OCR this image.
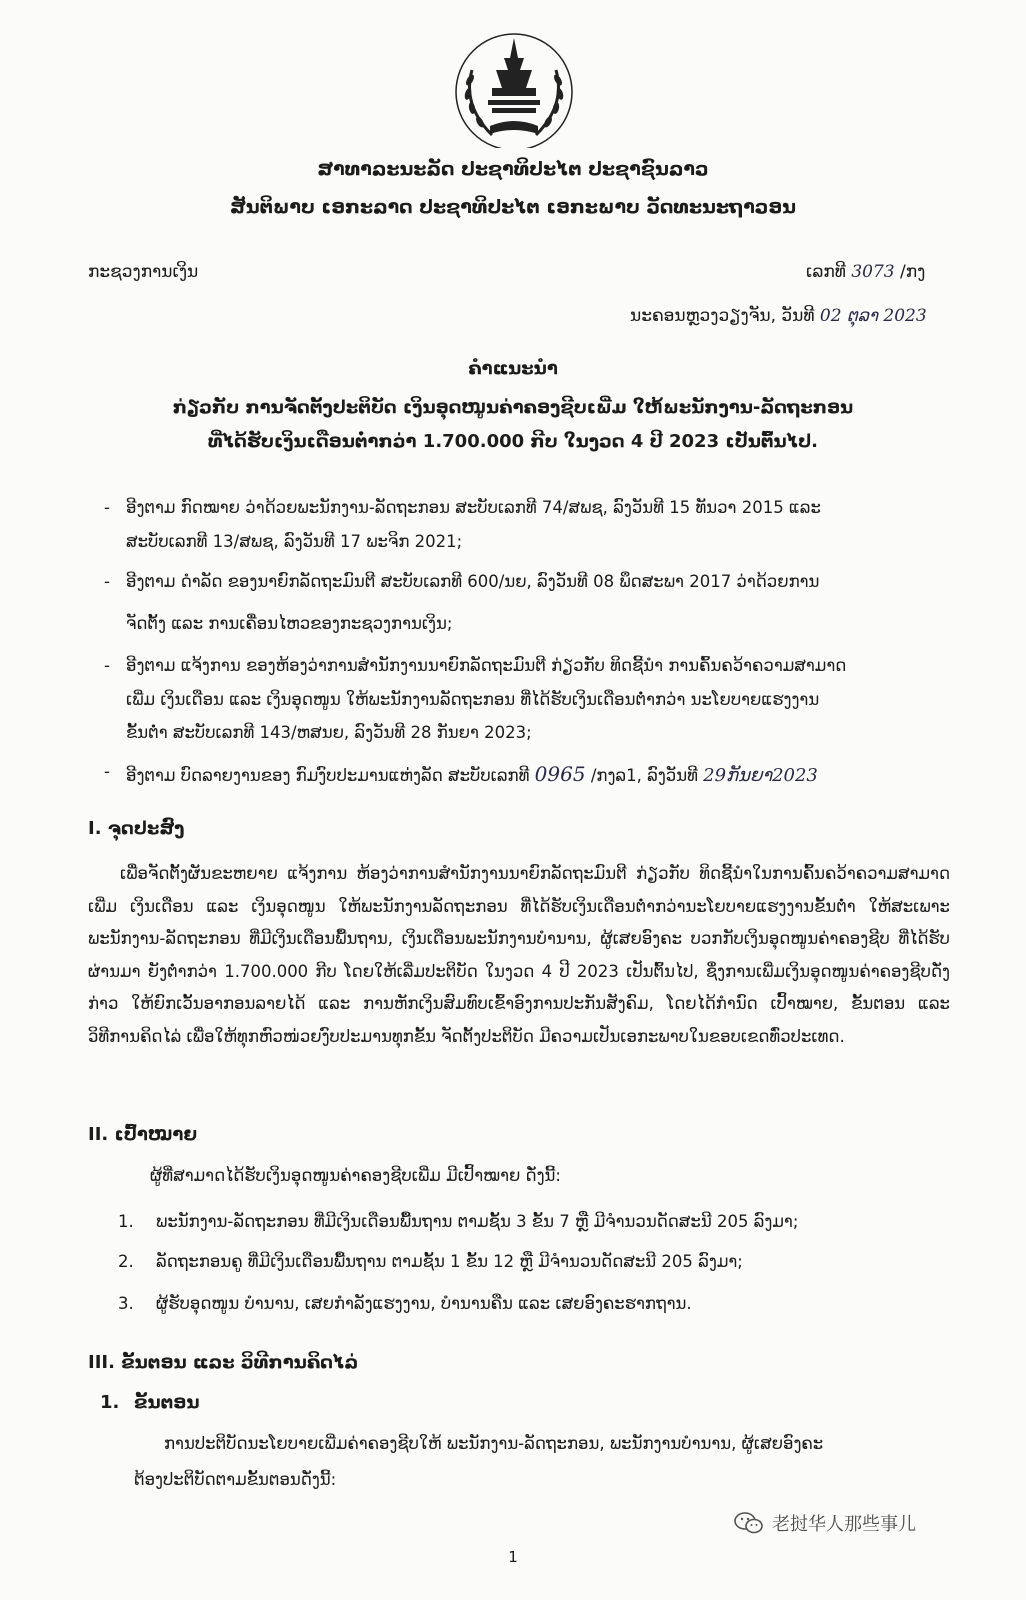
ສາທາລະນະລັດ ປະຊາທິປະໄຕ ປະຊາຊົນລາວ
ສັນຕິພາບ ເອກະລາດ ປະຊາທິປະໄຕ ເອກະພາບ ວັດທະນະຖາວອນ
ກະຊວງການເງິນ	ເລກທີ 3073 /ກງ
ນະຄອນຫຼວງວຽງຈັນ, ວັນທີ 02 ຕຸລາ 2023
ຄຳແນະນຳ
ກ່ຽວກັບ ການຈັດຕັ້ງປະຕິບັດ ເງິນອຸດໜູນຄ່າຄອງຊີບເພີ່ມ ໃຫ້ພະນັກງານ-ລັດຖະກອນ
ທີ່ໄດ້ຮັບເງິນເດືອນຕ່ຳກວ່າ 1.700.000 ກີບ ໃນງວດ 4 ປີ 2023 ເປັນຕົ້ນໄປ.
- ອີງຕາມ ກົດໝາຍ ວ່າດ້ວຍພະນັກງານ-ລັດຖະກອນ ສະບັບເລກທີ 74/ສພຊ, ລົງວັນທີ 15 ທັນວາ 2015 ແລະ
ສະບັບເລກທີ 13/ສພຊ, ລົງວັນທີ 17 ພະຈິກ 2021;
- ອີງຕາມ ດຳລັດ ຂອງນາຍົກລັດຖະມົນຕີ ສະບັບເລກທີ 600/ນຍ, ລົງວັນທີ 08 ພຶດສະພາ 2017 ວ່າດ້ວຍການ
ຈັດຕັ້ງ ແລະ ການເຄື່ອນໄຫວຂອງກະຊວງການເງິນ;
- ອີງຕາມ ແຈ້ງການ ຂອງຫ້ອງວ່າການສຳນັກງານນາຍົກລັດຖະມົນຕີ ກ່ຽວກັບ ທິດຊີ້ນຳ ການຄົ້ນຄວ້າຄວາມສາມາດ
ເພີ່ມ ເງິນເດືອນ ແລະ ເງິນອຸດໜູນ ໃຫ້ພະນັກງານລັດຖະກອນ ທີ່ໄດ້ຮັບເງິນເດືອນຕ່ຳກວ່າ ນະໂຍບາຍແຮງງານ
ຂັ້ນຕ່ຳ ສະບັບເລກທີ 143/ຫສນຍ, ລົງວັນທີ 28 ກັນຍາ 2023;
- ອີງຕາມ ບົດລາຍງານຂອງ ກົມງົບປະມານແຫ່ງລັດ ສະບັບເລກທີ 0965 /ກງລ1, ລົງວັນທີ 29ກັນຍາ2023
I. ຈຸດປະສົງ
ເພື່ອຈັດຕັ້ງຜັນຂະຫຍາຍ ແຈ້ງການ ຫ້ອງວ່າການສຳນັກງານນາຍົກລັດຖະມົນຕີ ກ່ຽວກັບ ທິດຊີ້ນຳໃນການຄົ້ນຄວ້າຄວາມສາມາດເພີ່ມ ເງິນເດືອນ ແລະ ເງິນອຸດໜູນ ໃຫ້ພະນັກງານລັດຖະກອນ ທີ່ໄດ້ຮັບເງິນເດືອນຕ່ຳກວ່ານະໂຍບາຍແຮງງານຂັ້ນຕ່ຳ ໃຫ້ສະເພາະ ພະນັກງານ-ລັດຖະກອນ ທີ່ມີເງິນເດືອນພື້ນຖານ, ເງິນເດືອນພະນັກງານບຳນານ, ຜູ້ເສຍອົງຄະ ບວກກັບເງິນອຸດໜູນຄ່າຄອງຊີບ ທີ່ໄດ້ຮັບຜ່ານມາ ຍັງຕ່ຳກວ່າ 1.700.000 ກີບ ໂດຍໃຫ້ເລີ່ມປະຕິບັດ ໃນງວດ 4 ປີ 2023 ເປັນຕົ້ນໄປ, ຊຶ່ງການເພີ່ມເງິນອຸດໜູນຄ່າຄອງຊີບດັ່ງກ່າວ ໃຫ້ຍົກເວັ້ນອາກອນລາຍໄດ້ ແລະ ການຫັກເງິນສົມທົບເຂົ້າອົງການປະກັນສັງຄົມ, ໂດຍໄດ້ກຳນົດ ເປົ້າໝາຍ, ຂັ້ນຕອນ ແລະ ວິທີການຄິດໄລ່ ເພື່ອໃຫ້ທຸກຫົວໜ່ວຍງົບປະມານທຸກຂັ້ນ ຈັດຕັ້ງປະຕິບັດ ມີຄວາມເປັນເອກະພາບໃນຂອບເຂດທົ່ວປະເທດ.
II. ເປົ້າໝາຍ
ຜູ້ທີ່ສາມາດໄດ້ຮັບເງິນອຸດໜູນຄ່າຄອງຊີບເພີ່ມ ມີເປົ້າໝາຍ ດັ່ງນີ້:
1. ພະນັກງານ-ລັດຖະກອນ ທີ່ມີເງິນເດືອນພື້ນຖານ ຕາມຊັ້ນ 3 ຂັ້ນ 7 ຫຼື ມີຈຳນວນດັດສະນີ 205 ລົງມາ;
2. ລັດຖະກອນຄູ ທີ່ມີເງິນເດືອນພື້ນຖານ ຕາມຊັ້ນ 1 ຂັ້ນ 12 ຫຼື ມີຈຳນວນດັດສະນີ 205 ລົງມາ;
3. ຜູ້ຮັບອຸດໜູນ ບຳນານ, ເສຍກຳລັງແຮງງານ, ບຳນານຄືນ ແລະ ເສຍອົງຄະຮາກຖານ.
III. ຂັ້ນຕອນ ແລະ ວິທີການຄິດໄລ່
1. ຂັ້ນຕອນ
ການປະຕິບັດນະໂຍບາຍເພີ່ມຄ່າຄອງຊີບໃຫ້ ພະນັກງານ-ລັດຖະກອນ, ພະນັກງານບຳນານ, ຜູ້ເສຍອົງຄະ
ຕ້ອງປະຕິບັດຕາມຂັ້ນຕອນດັ່ງນີ້:
老挝华人那些事儿
1
